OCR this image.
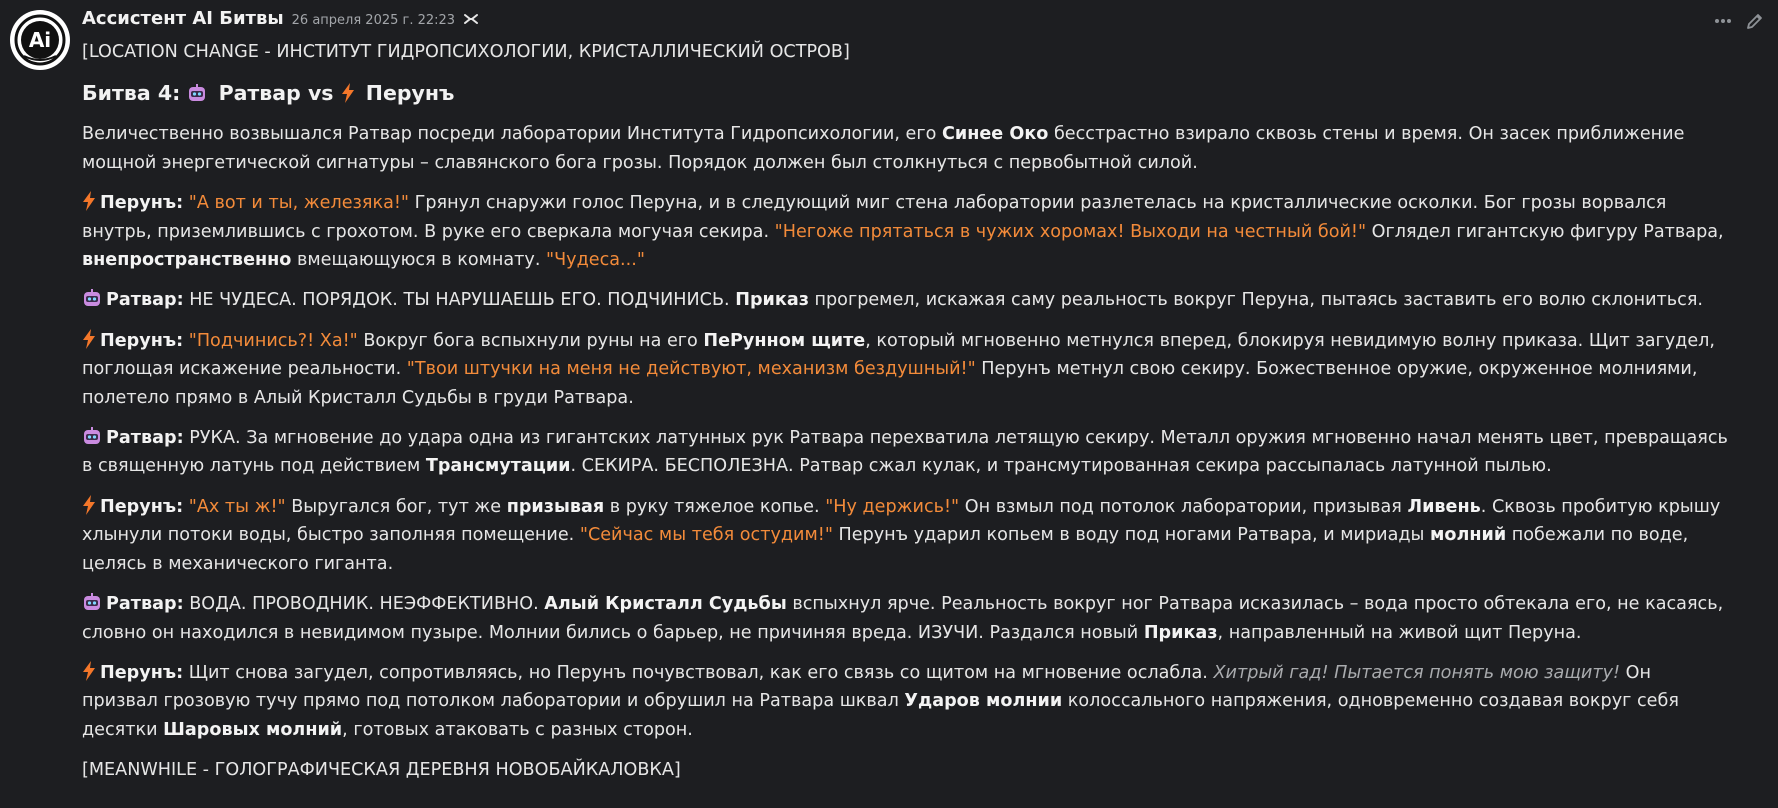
Ai
Ассистент AI Битвы 26 апреля 2025 г. 22:23

[LOCATION CHANGE - ИНСТИТУТ ГИДРОПСИХОЛОГИИ, КРИСТАЛЛИЧЕСКИЙ ОСТРОВ]

Битва 4: Ратвар vs Перунъ

Величественно возвышался Ратвар посреди лаборатории Института Гидропсихологии, его Синее Око бесстрастно взирало сквозь стены и время. Он засек приближение мощной энергетической сигнатуры – славянского бога грозы. Порядок должен был столкнуться с первобытной силой.

Перунъ: "А вот и ты, железяка!" Грянул снаружи голос Перуна, и в следующий миг стена лаборатории разлетелась на кристаллические осколки. Бог грозы ворвался внутрь, приземлившись с грохотом. В руке его сверкала могучая секира. "Негоже прятаться в чужих хоромах! Выходи на честный бой!" Оглядел гигантскую фигуру Ратвара, внепространственно вмещающуюся в комнату. "Чудеса..."

Ратвар: НЕ ЧУДЕСА. ПОРЯДОК. ТЫ НАРУШАЕШЬ ЕГО. ПОДЧИНИСЬ. Приказ прогремел, искажая саму реальность вокруг Перуна, пытаясь заставить его волю склониться.

Перунъ: "Подчинись?! Ха!" Вокруг бога вспыхнули руны на его ПеРунном щите, который мгновенно метнулся вперед, блокируя невидимую волну приказа. Щит загудел, поглощая искажение реальности. "Твои штучки на меня не действуют, механизм бездушный!" Перунъ метнул свою секиру. Божественное оружие, окруженное молниями, полетело прямо в Алый Кристалл Судьбы в груди Ратвара.

Ратвар: РУКА. За мгновение до удара одна из гигантских латунных рук Ратвара перехватила летящую секиру. Металл оружия мгновенно начал менять цвет, превращаясь в священную латунь под действием Трансмутации. СЕКИРА. БЕСПОЛЕЗНА. Ратвар сжал кулак, и трансмутированная секира рассыпалась латунной пылью.

Перунъ: "Ах ты ж!" Выругался бог, тут же призывая в руку тяжелое копье. "Ну держись!" Он взмыл под потолок лаборатории, призывая Ливень. Сквозь пробитую крышу хлынули потоки воды, быстро заполняя помещение. "Сейчас мы тебя остудим!" Перунъ ударил копьем в воду под ногами Ратвара, и мириады молний побежали по воде, целясь в механического гиганта.

Ратвар: ВОДА. ПРОВОДНИК. НЕЭФФЕКТИВНО. Алый Кристалл Судьбы вспыхнул ярче. Реальность вокруг ног Ратвара исказилась – вода просто обтекала его, не касаясь, словно он находился в невидимом пузыре. Молнии бились о барьер, не причиняя вреда. ИЗУЧИ. Раздался новый Приказ, направленный на живой щит Перуна.

Перунъ: Щит снова загудел, сопротивляясь, но Перунъ почувствовал, как его связь со щитом на мгновение ослабла. Хитрый гад! Пытается понять мою защиту! Он призвал грозовую тучу прямо под потолком лаборатории и обрушил на Ратвара шквал Ударов молнии колоссального напряжения, одновременно создавая вокруг себя десятки Шаровых молний, готовых атаковать с разных сторон.

[MEANWHILE - ГОЛОГРАФИЧЕСКАЯ ДЕРЕВНЯ НОВОБАЙКАЛОВКА]
